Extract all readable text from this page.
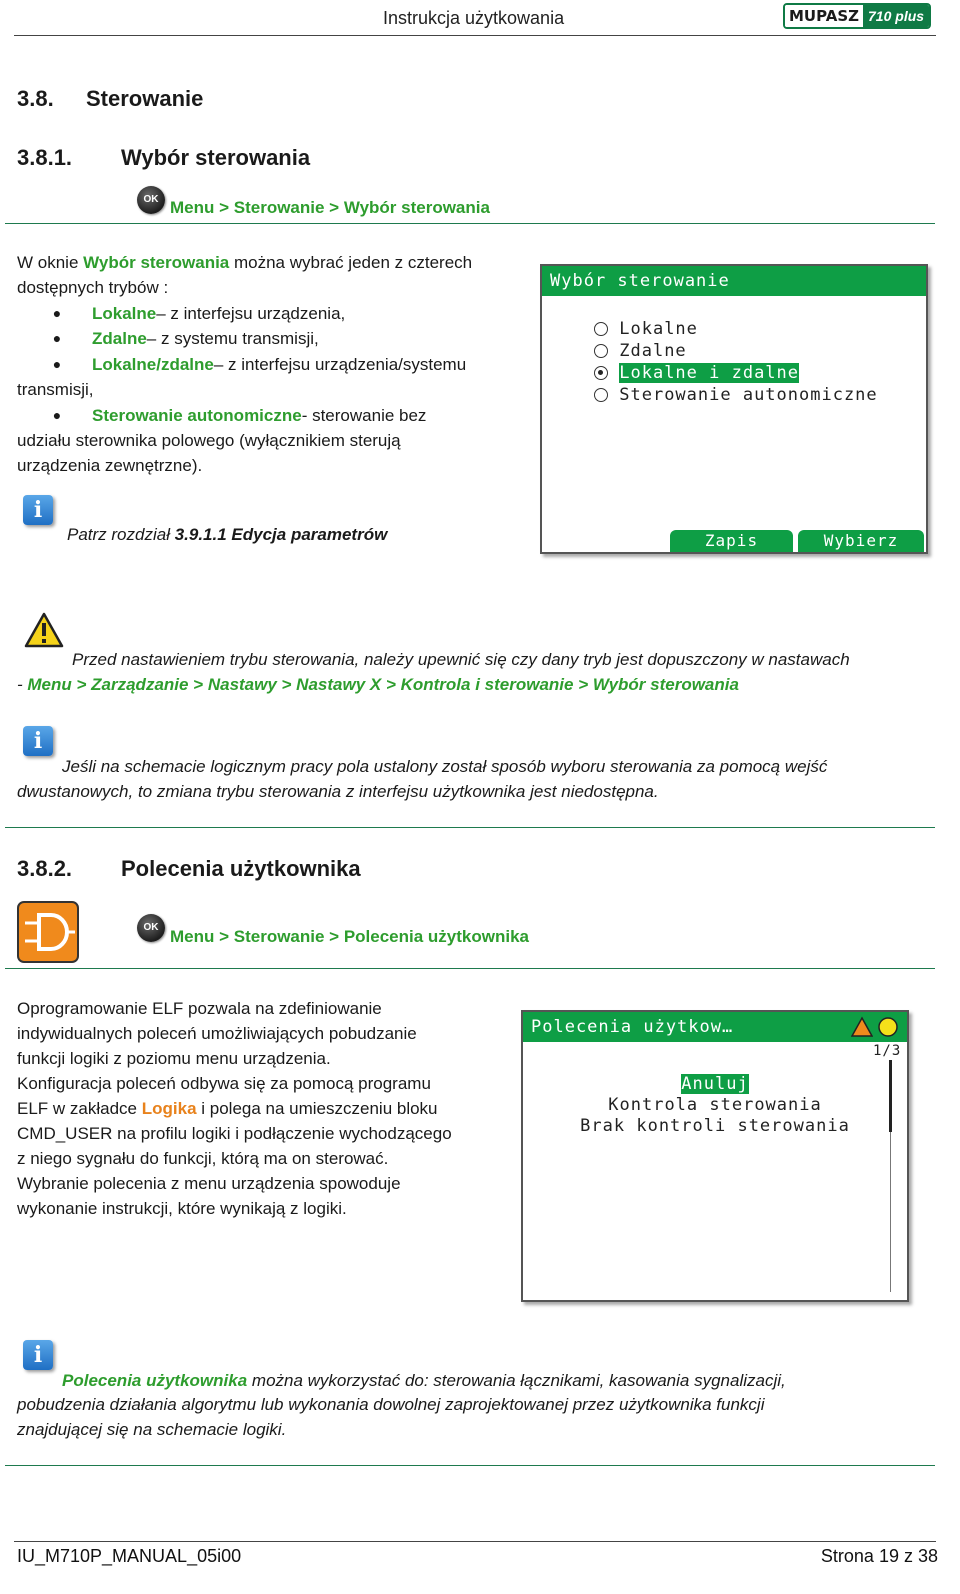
Instrukcja użytkowania	MUPASZ 710 plus
3.8. Sterowanie
3.8.1. Wybór sterowania
OK Menu > Sterowanie > Wybór sterowania
W oknie Wybór sterowania można wybrać jeden z czterech
dostępnych trybów :
●	Lokalne – z interfejsu urządzenia,
●	Zdalne – z systemu transmisji,
●	Lokalne/zdalne – z interfejsu urządzenia/systemu
transmisji,
●	Sterowanie autonomiczne - sterowanie bez
udziału sterownika polowego (wyłącznikiem sterują
urządzenia zewnętrzne).
i
Patrz rozdział 3.9.1.1 Edycja parametrów
Wybór sterowanie
Lokalne
Zdalne
Lokalne i zdalne
Sterowanie autonomiczne
Zapis	Wybierz
Przed nastawieniem trybu sterowania, należy upewnić się czy dany tryb jest dopuszczony w nastawach
- Menu > Zarządzanie > Nastawy > Nastawy X > Kontrola i sterowanie > Wybór sterowania
i
Jeśli na schemacie logicznym pracy pola ustalony został sposób wyboru sterowania za pomocą wejść
dwustanowych, to zmiana trybu sterowania z interfejsu użytkownika jest niedostępna.
3.8.2. Polecenia użytkownika
OK Menu > Sterowanie > Polecenia użytkownika
Oprogramowanie ELF pozwala na zdefiniowanie
indywidualnych poleceń umożliwiających pobudzanie
funkcji logiki z poziomu menu urządzenia.
Konfiguracja poleceń odbywa się za pomocą programu
ELF w zakładce Logika i polega na umieszczeniu bloku
CMD_USER na profilu logiki i podłączenie wychodzącego
z niego sygnału do funkcji, którą ma on sterować.
Wybranie polecenia z menu urządzenia spowoduje
wykonanie instrukcji, które wynikają z logiki.
Polecenia użytkow…
1/3
Anuluj
Kontrola sterowania
Brak kontroli sterowania
i
Polecenia użytkownika można wykorzystać do: sterowania łącznikami, kasowania sygnalizacji,
pobudzenia działania algorytmu lub wykonania dowolnej zaprojektowanej przez użytkownika funkcji
znajdującej się na schemacie logiki.
IU_M710P_MANUAL_05i00	Strona 19 z 38
